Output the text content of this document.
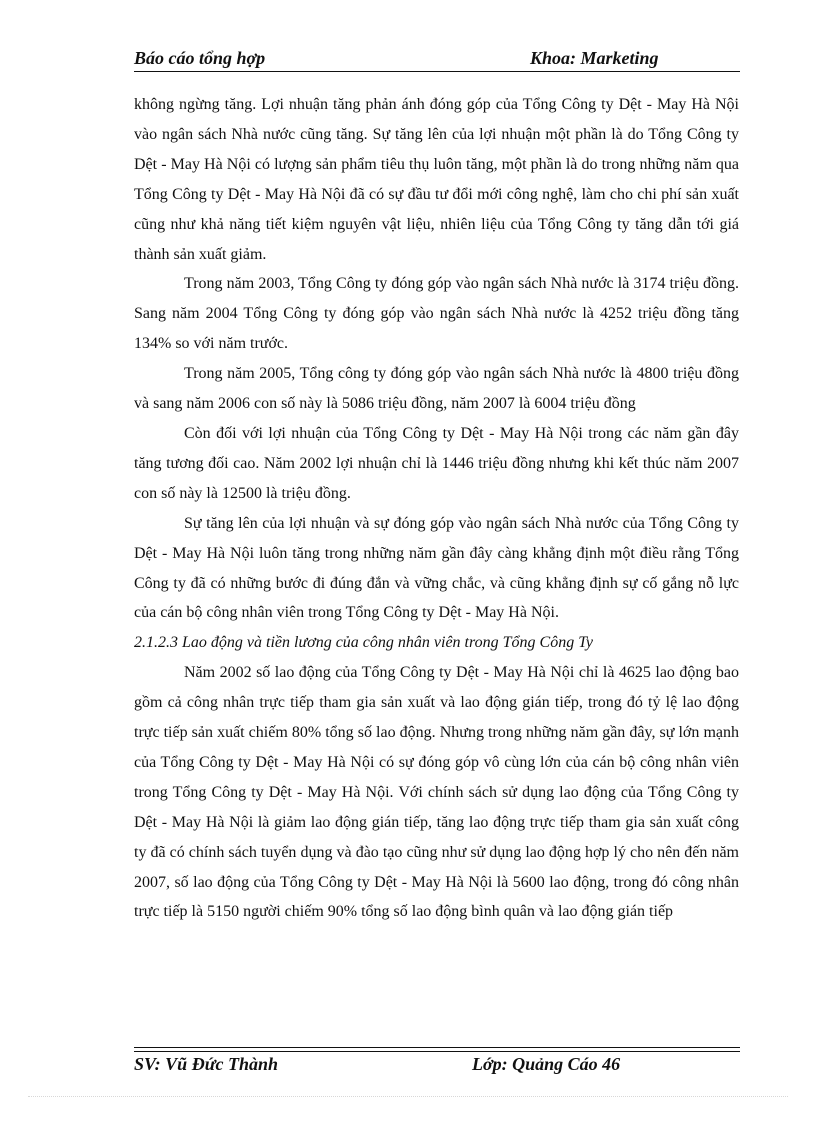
Báo cáo tổng hợp	Khoa: Marketing

không ngừng tăng. Lợi nhuận tăng phản ánh đóng góp của Tổng Công ty Dệt - May Hà Nội vào ngân sách Nhà nước cũng tăng. Sự tăng lên của lợi nhuận một phần là do Tổng Công ty Dệt - May Hà Nội có lượng sản phẩm tiêu thụ luôn tăng, một phần là do trong những năm qua Tổng Công ty Dệt - May Hà Nội đã có sự đầu tư đổi mới công nghệ, làm cho chi phí sản xuất cũng như khả năng tiết kiệm nguyên vật liệu, nhiên liệu của Tổng Công ty tăng dẫn tới giá thành sản xuất giảm.

Trong năm 2003, Tổng Công ty đóng góp vào ngân sách Nhà nước là 3174 triệu đồng. Sang năm 2004 Tổng Công ty đóng góp vào ngân sách Nhà nước là 4252 triệu đồng tăng 134% so với năm trước.

Trong năm 2005, Tổng công ty đóng góp vào ngân sách Nhà nước là 4800 triệu đồng và sang năm 2006 con số này là 5086 triệu đồng, năm 2007 là 6004 triệu đồng

Còn đối với lợi nhuận của Tổng Công ty Dệt - May Hà Nội trong các năm gần đây tăng tương đối cao. Năm 2002 lợi nhuận chỉ là 1446 triệu đồng nhưng khi kết thúc năm 2007 con số này là 12500 là triệu đồng.

Sự tăng lên của lợi nhuận và sự đóng góp vào ngân sách Nhà nước của Tổng Công ty Dệt - May Hà Nội luôn tăng trong những năm gần đây càng khẳng định một điều rằng Tổng Công ty đã có những bước đi đúng đắn và vững chắc, và cũng khẳng định sự cố gắng nỗ lực của cán bộ công nhân viên trong Tổng Công ty Dệt - May Hà Nội.

2.1.2.3 Lao động và tiền lương của công nhân viên trong Tổng Công Ty

Năm 2002 số lao động của Tổng Công ty Dệt - May Hà Nội chỉ là 4625 lao động bao gồm cả công nhân trực tiếp tham gia sản xuất và lao động gián tiếp, trong đó tỷ lệ lao động trực tiếp sản xuất chiếm 80% tổng số lao động. Nhưng trong những năm gần đây, sự lớn mạnh của Tổng Công ty Dệt - May Hà Nội có sự đóng góp vô cùng lớn của cán bộ công nhân viên trong Tổng Công ty Dệt - May Hà Nội. Với chính sách sử dụng lao động của Tổng Công ty Dệt - May Hà Nội là giảm lao động gián tiếp, tăng lao động trực tiếp tham gia sản xuất công ty đã có chính sách tuyển dụng và đào tạo cũng như sử dụng lao động hợp lý cho nên đến năm 2007, số lao động của Tổng Công ty Dệt - May Hà Nội là 5600 lao động, trong đó công nhân trực tiếp là 5150 người chiếm 90% tổng số lao động bình quân và lao động gián tiếp

SV: Vũ Đức Thành	Lớp: Quảng Cáo 46
